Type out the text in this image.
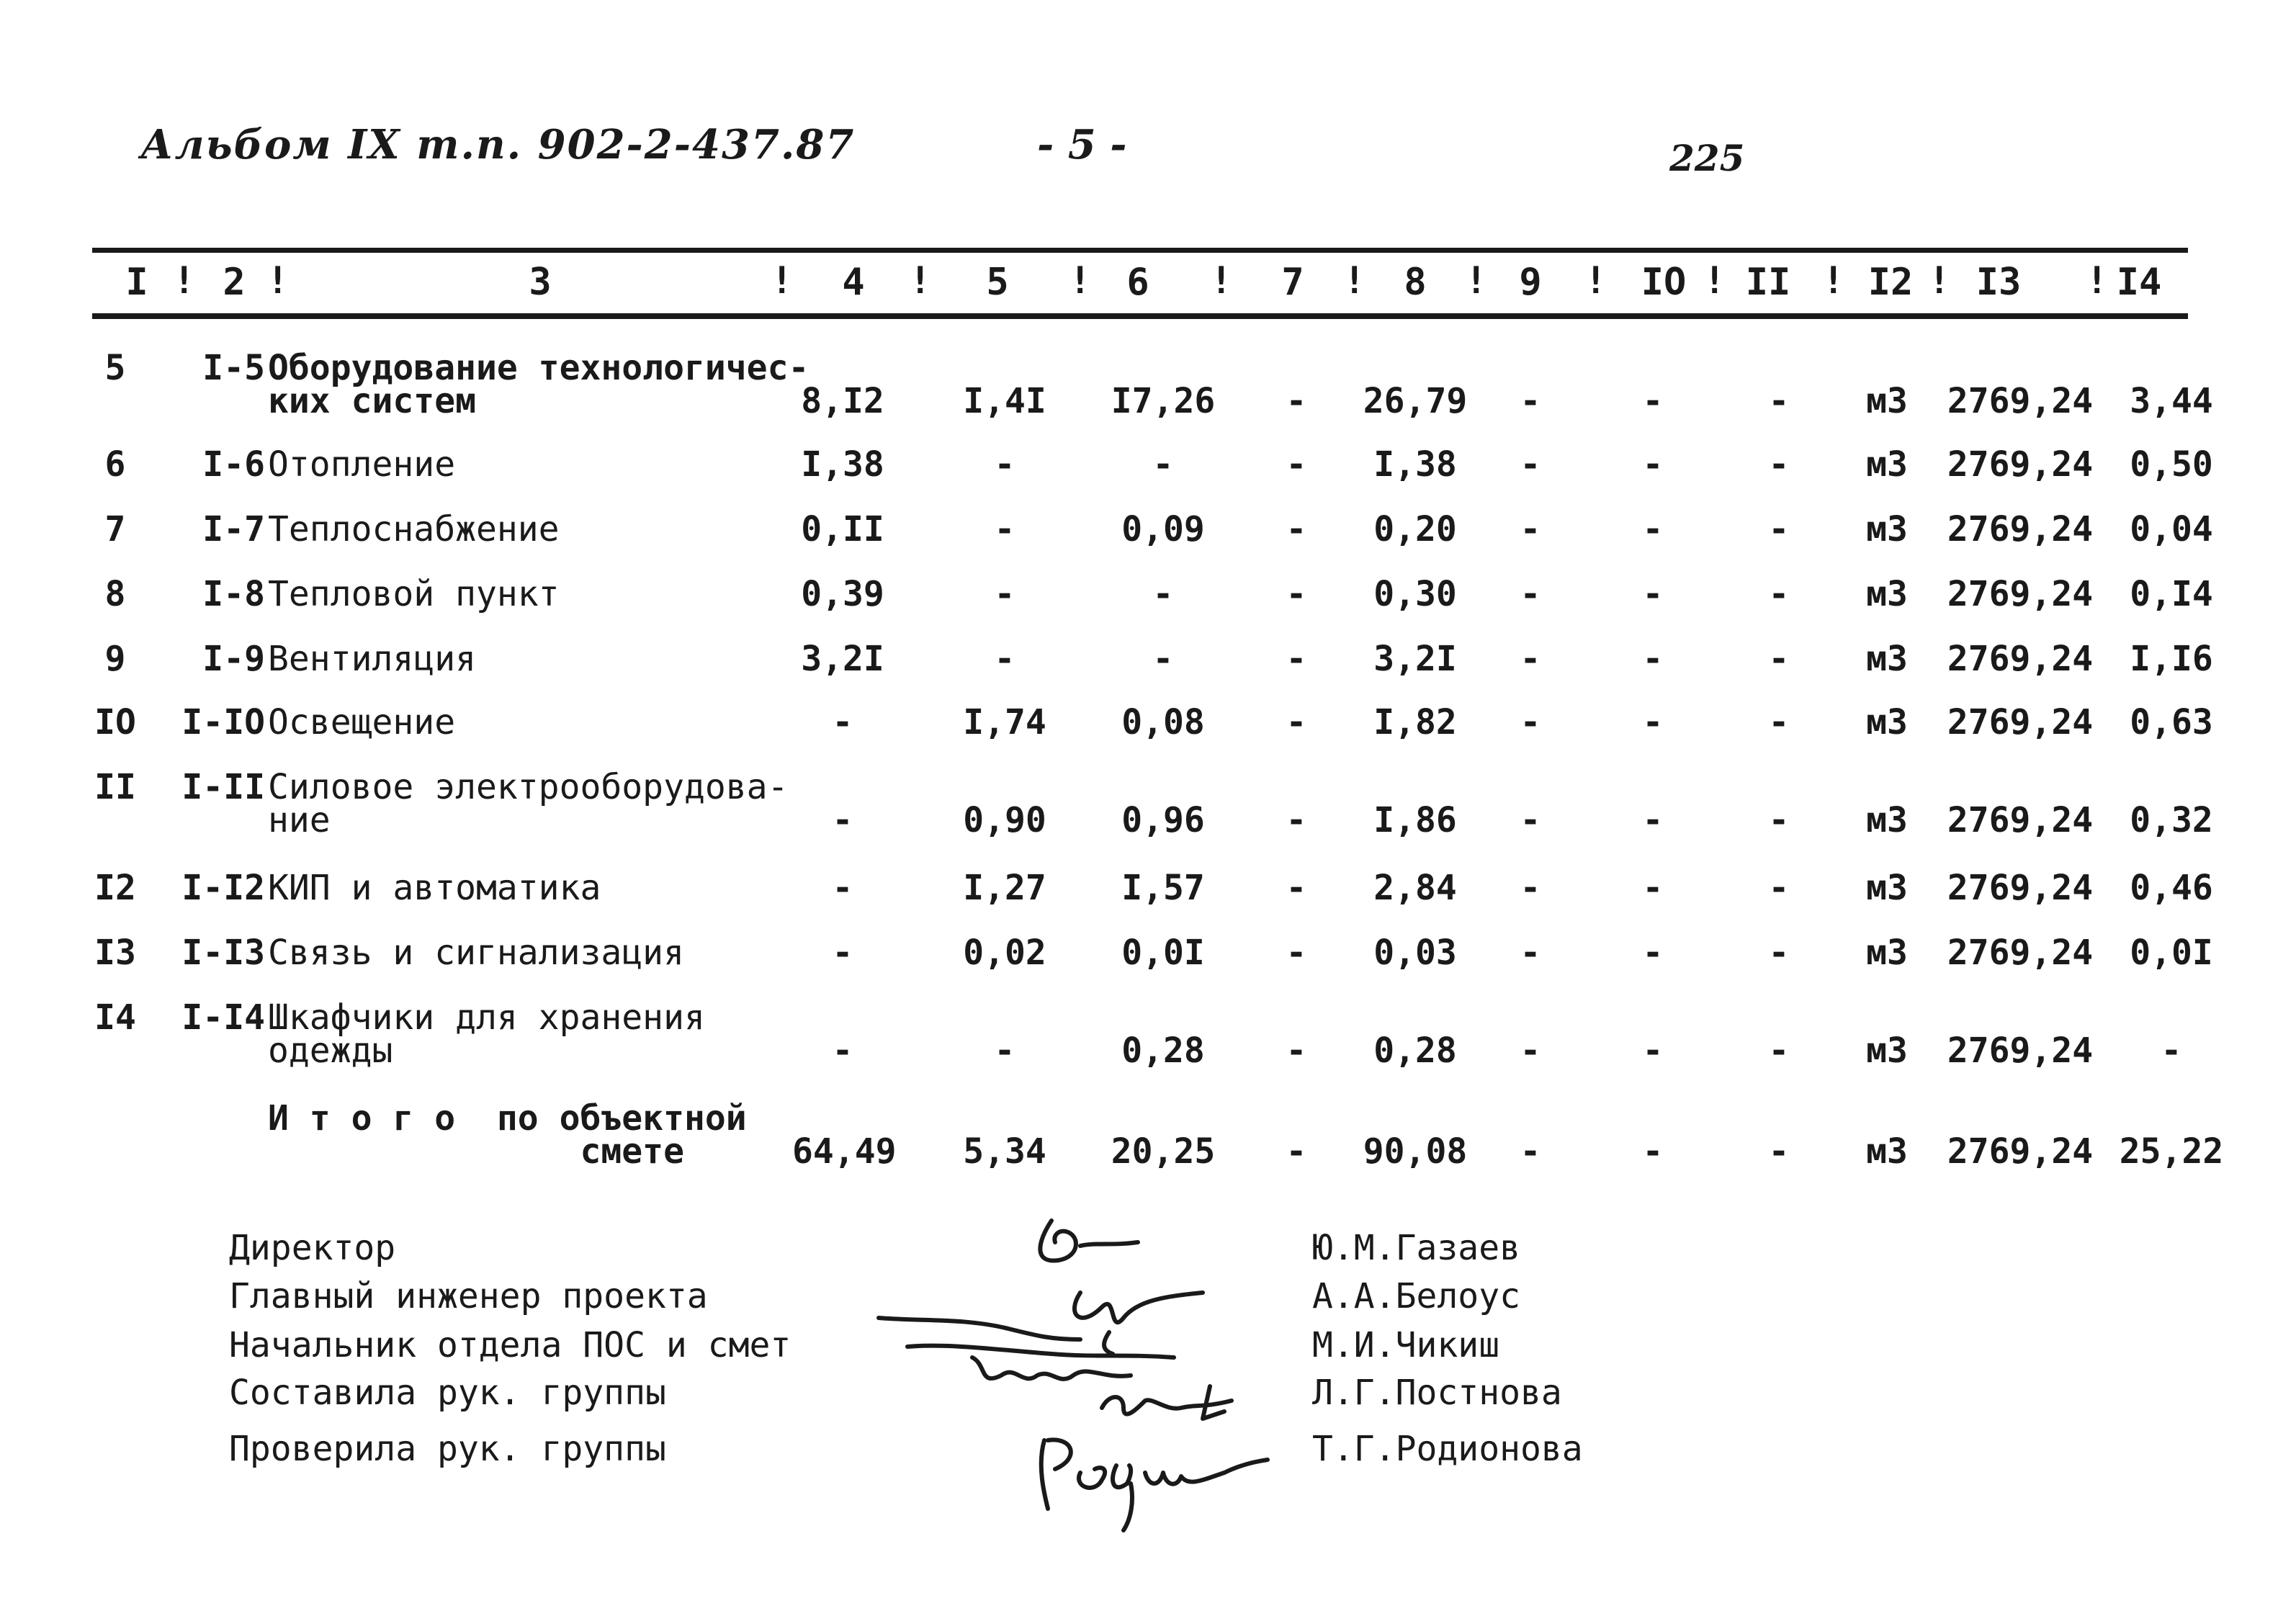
Альбом IX т.п. 902-2-437.87	- 5 -	225
I 2	3	4	5	6	7	8 9	IO II I2 I3	I4
! !	!	!	!	!	!	!	!	!	! !	!
5	I-5 Оборудование технологичес-
ких систем	8,I2	I,4I	I7,26	-	26,79	-	-	-	м3	2769,24	3,44
6	I-6 Отопление	I,38	-	-	-	I,38	-	-	-	м3	2769,24	0,50
7	I-7 Теплоснабжение	0,II	-	0,09	-	0,20	-	-	-	м3	2769,24	0,04
8	I-8 Тепловой пункт	0,39	-	-	-	0,30	-	-	-	м3	2769,24	0,I4
9	I-9 Вентиляция	3,2I	-	-	-	3,2I	-	-	-	м3	2769,24	I,I6
IO	I-IO Освещение	-	I,74	0,08	-	I,82	-	-	-	м3	2769,24	0,63
II	I-II Силовое электрооборудова-
ние	-	0,90	0,96	-	I,86	-	-	-	м3	2769,24	0,32
I2	I-I2 КИП и автоматика	-	I,27	I,57	-	2,84	-	-	-	м3	2769,24	0,46
I3	I-I3 Связь и сигнализация	-	0,02	0,0I	-	0,03	-	-	-	м3	2769,24	0,0I
I4	I-I4 Шкафчики для хранения
одежды	-	-	0,28	-	0,28	-	-	-	м3	2769,24	-
И т о г о  по объектной
смете	64,49	5,34	20,25	-	90,08	-	-	-	м3	2769,24 25,22
Директор	Ю.М.Газаев
Главный инженер проекта	А.А.Белоус
Начальник отдела ПОС и смет	М.И.Чикиш
Составила рук. группы	Л.Г.Постнова
Проверила рук. группы	Т.Г.Родионова
